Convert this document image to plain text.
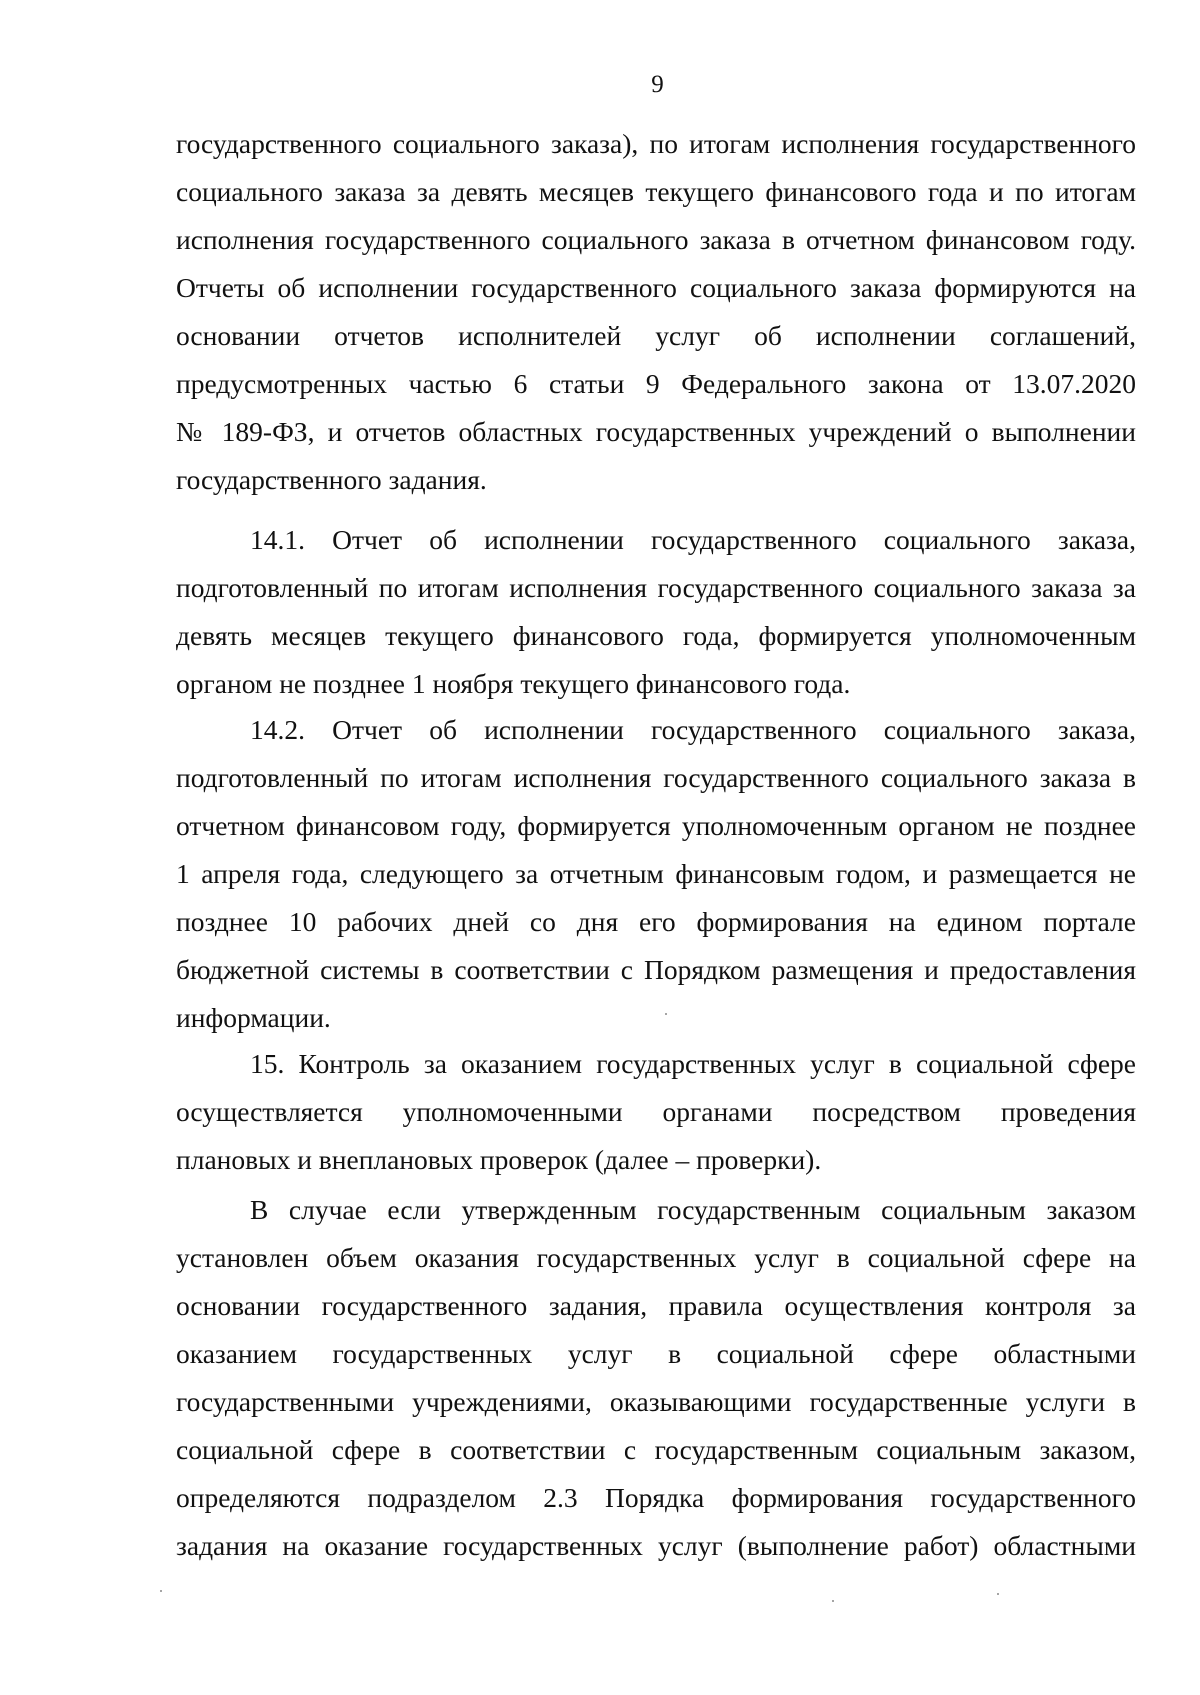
9
государственного социального заказа), по итогам исполнения государственного
социального заказа за девять месяцев текущего финансового года и по итогам
исполнения государственного социального заказа в отчетном финансовом году.
Отчеты об исполнении государственного социального заказа формируются на
основании отчетов исполнителей услуг об исполнении соглашений,
предусмотренных частью 6 статьи 9 Федерального закона от 13.07.2020
№ 189-ФЗ, и отчетов областных государственных учреждений о выполнении
государственного задания.
14.1. Отчет об исполнении государственного социального заказа,
подготовленный по итогам исполнения государственного социального заказа за
девять месяцев текущего финансового года, формируется уполномоченным
органом не позднее 1 ноября текущего финансового года.
14.2. Отчет об исполнении государственного социального заказа,
подготовленный по итогам исполнения государственного социального заказа в
отчетном финансовом году, формируется уполномоченным органом не позднее
1 апреля года, следующего за отчетным финансовым годом, и размещается не
позднее 10 рабочих дней со дня его формирования на едином портале
бюджетной системы в соответствии с Порядком размещения и предоставления
информации.
15. Контроль за оказанием государственных услуг в социальной сфере
осуществляется уполномоченными органами посредством проведения
плановых и внеплановых проверок (далее – проверки).
В случае если утвержденным государственным социальным заказом
установлен объем оказания государственных услуг в социальной сфере на
основании государственного задания, правила осуществления контроля за
оказанием государственных услуг в социальной сфере областными
государственными учреждениями, оказывающими государственные услуги в
социальной сфере в соответствии с государственным социальным заказом,
определяются подразделом 2.3 Порядка формирования государственного
задания на оказание государственных услуг (выполнение работ) областными
